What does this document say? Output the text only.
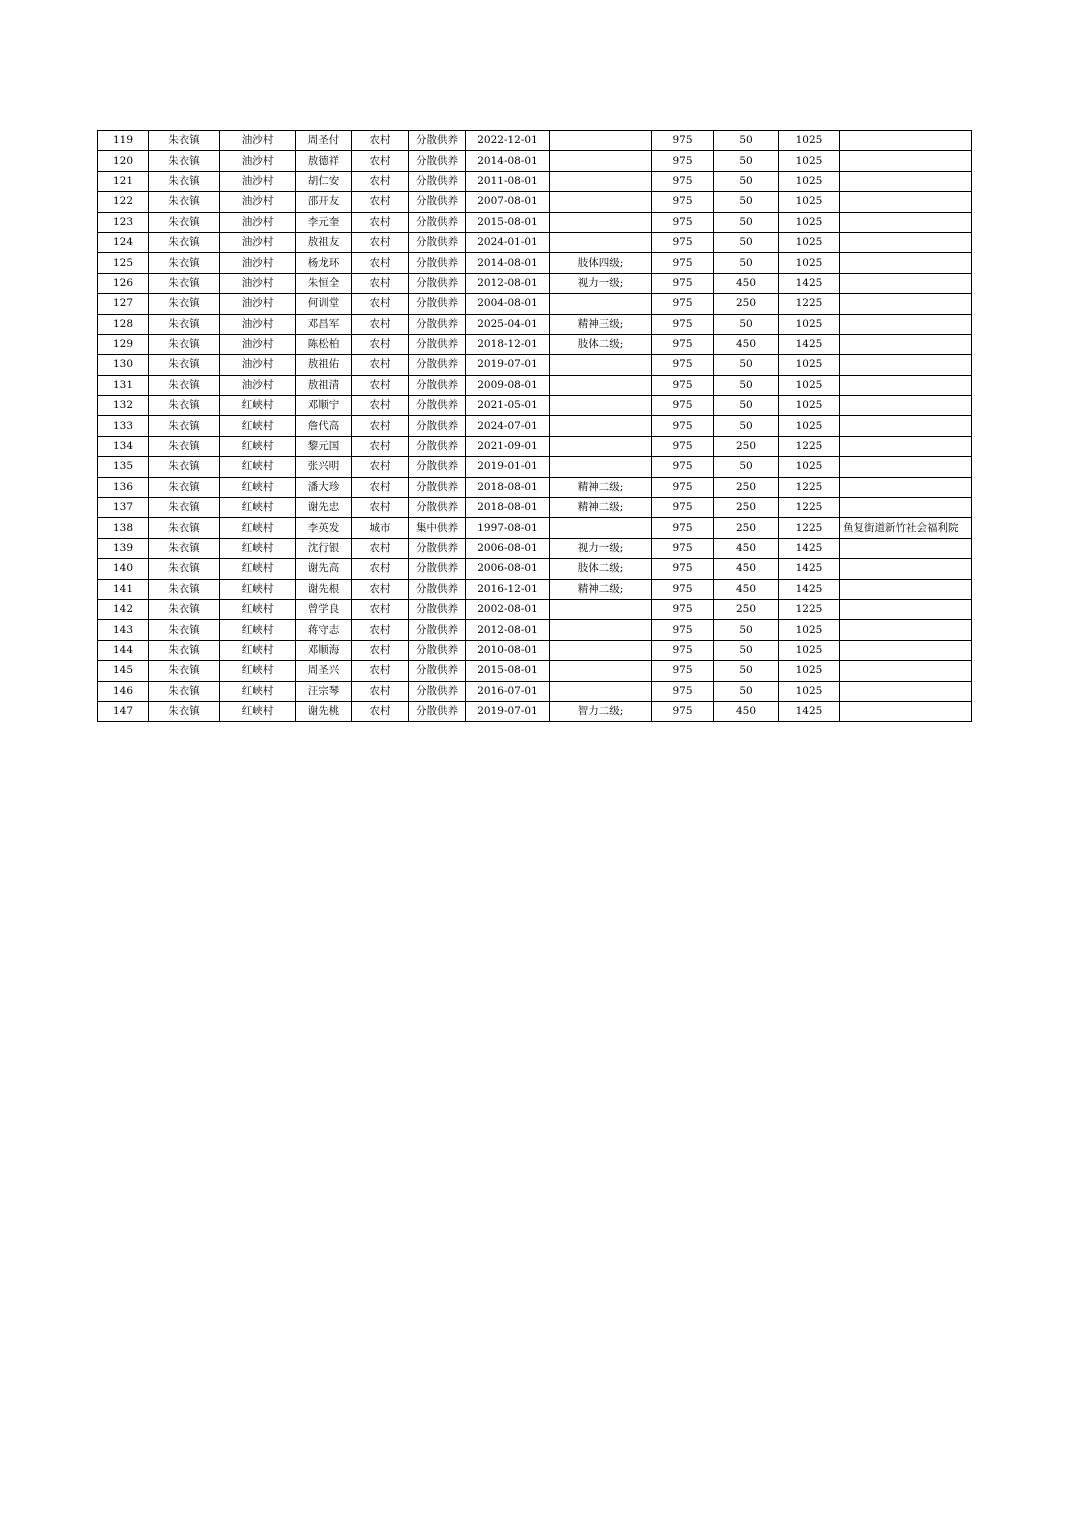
119	朱衣镇	油沙村	周圣付	农村	分散供养	2022-12-01		975	50	1025	
120	朱衣镇	油沙村	敖德祥	农村	分散供养	2014-08-01		975	50	1025	
121	朱衣镇	油沙村	胡仁安	农村	分散供养	2011-08-01		975	50	1025	
122	朱衣镇	油沙村	邵开友	农村	分散供养	2007-08-01		975	50	1025	
123	朱衣镇	油沙村	李元奎	农村	分散供养	2015-08-01		975	50	1025	
124	朱衣镇	油沙村	敖祖友	农村	分散供养	2024-01-01		975	50	1025	
125	朱衣镇	油沙村	杨龙环	农村	分散供养	2014-08-01	肢体四级;	975	50	1025	
126	朱衣镇	油沙村	朱恒全	农村	分散供养	2012-08-01	视力一级;	975	450	1425	
127	朱衣镇	油沙村	何训堂	农村	分散供养	2004-08-01		975	250	1225	
128	朱衣镇	油沙村	邓昌军	农村	分散供养	2025-04-01	精神三级;	975	50	1025	
129	朱衣镇	油沙村	陈松柏	农村	分散供养	2018-12-01	肢体二级;	975	450	1425	
130	朱衣镇	油沙村	敖祖佑	农村	分散供养	2019-07-01		975	50	1025	
131	朱衣镇	油沙村	敖祖清	农村	分散供养	2009-08-01		975	50	1025	
132	朱衣镇	红峡村	邓顺宁	农村	分散供养	2021-05-01		975	50	1025	
133	朱衣镇	红峡村	詹代高	农村	分散供养	2024-07-01		975	50	1025	
134	朱衣镇	红峡村	黎元国	农村	分散供养	2021-09-01		975	250	1225	
135	朱衣镇	红峡村	张兴明	农村	分散供养	2019-01-01		975	50	1025	
136	朱衣镇	红峡村	潘大珍	农村	分散供养	2018-08-01	精神二级;	975	250	1225	
137	朱衣镇	红峡村	谢先忠	农村	分散供养	2018-08-01	精神二级;	975	250	1225	
138	朱衣镇	红峡村	李英发	城市	集中供养	1997-08-01		975	250	1225	鱼复街道新竹社会福利院
139	朱衣镇	红峡村	沈行银	农村	分散供养	2006-08-01	视力一级;	975	450	1425	
140	朱衣镇	红峡村	谢先高	农村	分散供养	2006-08-01	肢体二级;	975	450	1425	
141	朱衣镇	红峡村	谢先根	农村	分散供养	2016-12-01	精神二级;	975	450	1425	
142	朱衣镇	红峡村	曾学良	农村	分散供养	2002-08-01		975	250	1225	
143	朱衣镇	红峡村	蒋守志	农村	分散供养	2012-08-01		975	50	1025	
144	朱衣镇	红峡村	邓顺海	农村	分散供养	2010-08-01		975	50	1025	
145	朱衣镇	红峡村	周圣兴	农村	分散供养	2015-08-01		975	50	1025	
146	朱衣镇	红峡村	汪宗琴	农村	分散供养	2016-07-01		975	50	1025	
147	朱衣镇	红峡村	谢先桃	农村	分散供养	2019-07-01	智力二级;	975	450	1425	
